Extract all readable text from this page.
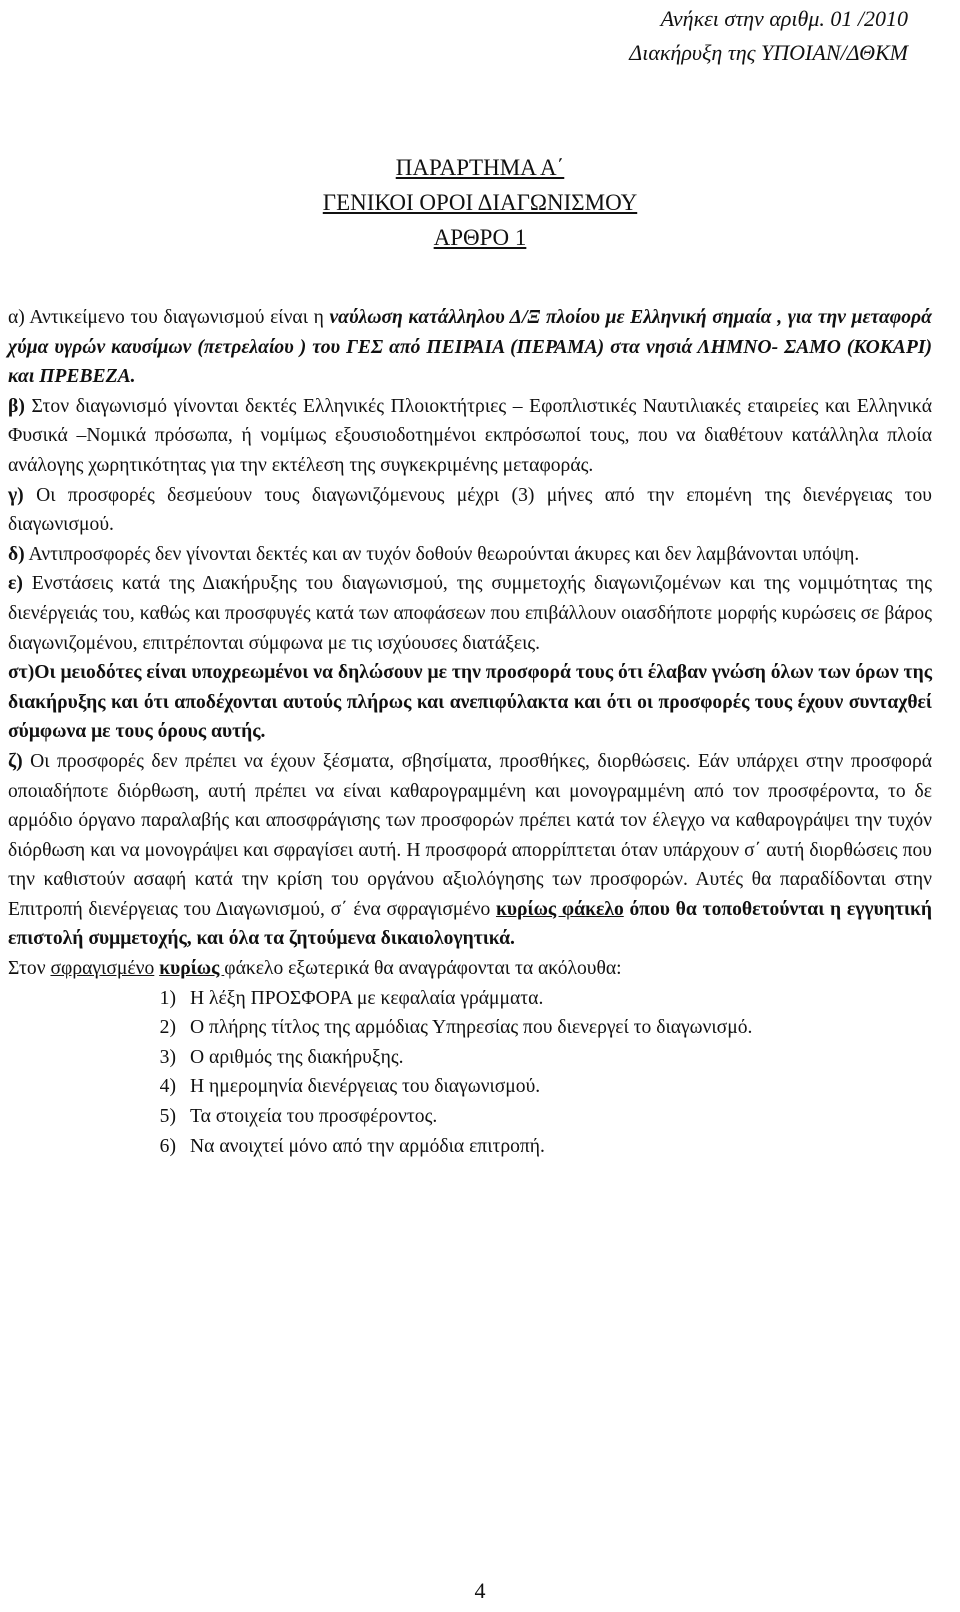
Ανήκει στην αριθμ. 01 /2010
Διακήρυξη της ΥΠΟΙΑΝ/ΔΘΚΜ
ΠΑΡΑΡΤΗΜΑ Α΄
ΓΕΝΙΚΟΙ ΟΡΟΙ ΔΙΑΓΩΝΙΣΜΟΥ
ΑΡΘΡΟ 1

α) Αντικείμενο του διαγωνισμού είναι η ναύλωση κατάλληλου Δ/Ξ πλοίου με Ελληνική σημαία , για την μεταφορά χύμα υγρών καυσίμων (πετρελαίου ) του ΓΕΣ από ΠΕΙΡΑΙΑ (ΠΕΡΑΜΑ) στα νησιά ΛΗΜΝΟ- ΣΑΜΟ (ΚΟΚΑΡΙ) και ΠΡΕΒΕΖΑ.

β) Στον διαγωνισμό γίνονται δεκτές Ελληνικές Πλοιοκτήτριες – Εφοπλιστικές Ναυτιλιακές εταιρείες και Ελληνικά Φυσικά –Νομικά πρόσωπα, ή νομίμως εξουσιοδοτημένοι εκπρόσωποί τους, που να διαθέτουν κατάλληλα πλοία ανάλογης χωρητικότητας για την εκτέλεση της συγκεκριμένης μεταφοράς.

γ) Οι προσφορές δεσμεύουν τους διαγωνιζόμενους μέχρι (3) μήνες από την επομένη της διενέργειας του διαγωνισμού.

δ) Αντιπροσφορές δεν γίνονται δεκτές και αν τυχόν δοθούν θεωρούνται άκυρες και δεν λαμβάνονται υπόψη.

ε) Ενστάσεις κατά της Διακήρυξης του διαγωνισμού, της συμμετοχής διαγωνιζομένων και της νομιμότητας της διενέργειάς του, καθώς και προσφυγές κατά των αποφάσεων που επιβάλλουν οιασδήποτε μορφής κυρώσεις σε βάρος διαγωνιζομένου, επιτρέπονται σύμφωνα με τις ισχύουσες διατάξεις.

στ)Οι μειοδότες είναι υποχρεωμένοι να δηλώσουν με την προσφορά τους ότι έλαβαν γνώση όλων των όρων της διακήρυξης και ότι αποδέχονται αυτούς πλήρως και ανεπιφύλακτα και ότι οι προσφορές τους έχουν συνταχθεί σύμφωνα με τους όρους αυτής.

ζ) Οι προσφορές δεν πρέπει να έχουν ξέσματα, σβησίματα, προσθήκες, διορθώσεις. Εάν υπάρχει στην προσφορά οποιαδήποτε διόρθωση, αυτή πρέπει να είναι καθαρογραμμένη και μονογραμμένη από τον προσφέροντα, το δε αρμόδιο όργανο παραλαβής και αποσφράγισης των προσφορών πρέπει κατά τον έλεγχο να καθαρογράψει την τυχόν διόρθωση και να μονογράψει και σφραγίσει αυτή. Η προσφορά απορρίπτεται όταν υπάρχουν σ΄ αυτή διορθώσεις που την καθιστούν ασαφή κατά την κρίση του οργάνου αξιολόγησης των προσφορών. Αυτές θα παραδίδονται στην Επιτροπή διενέργειας του Διαγωνισμού, σ΄ ένα σφραγισμένο κυρίως φάκελο όπου θα τοποθετούνται η εγγυητική επιστολή συμμετοχής, και όλα τα ζητούμενα δικαιολογητικά.

Στον σφραγισμένο κυρίως φάκελο εξωτερικά θα αναγράφονται τα ακόλουθα:

1) Η λέξη ΠΡΟΣΦΟΡΑ με κεφαλαία γράμματα.
2) Ο πλήρης τίτλος της αρμόδιας Υπηρεσίας που διενεργεί το διαγωνισμό.
3) Ο αριθμός της διακήρυξης.
4) Η ημερομηνία διενέργειας του διαγωνισμού.
5) Τα στοιχεία του προσφέροντος.
6) Να ανοιχτεί μόνο από την αρμόδια επιτροπή.
4
